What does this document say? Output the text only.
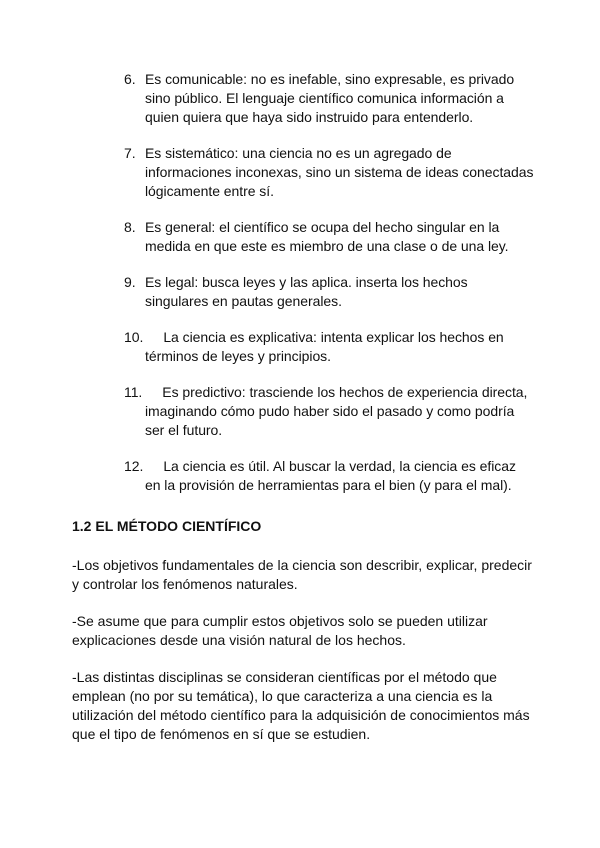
6. Es comunicable: no es inefable, sino expresable, es privado sino público. El lenguaje científico comunica información a quien quiera que haya sido instruido para entenderlo.
7. Es sistemático: una ciencia no es un agregado de informaciones inconexas, sino un sistema de ideas conectadas lógicamente entre sí.
8. Es general: el científico se ocupa del hecho singular en la medida en que este es miembro de una clase o de una ley.
9. Es legal: busca leyes y las aplica. inserta los hechos singulares en pautas generales.
10. La ciencia es explicativa: intenta explicar los hechos en términos de leyes y principios.
11. Es predictivo: trasciende los hechos de experiencia directa, imaginando cómo pudo haber sido el pasado y como podría ser el futuro.
12. La ciencia es útil. Al buscar la verdad, la ciencia es eficaz en la provisión de herramientas para el bien (y para el mal).
1.2 EL MÉTODO CIENTÍFICO

-Los objetivos fundamentales de la ciencia son describir, explicar, predecir y controlar los fenómenos naturales.

-Se asume que para cumplir estos objetivos solo se pueden utilizar explicaciones desde una visión natural de los hechos.

-Las distintas disciplinas se consideran científicas por el método que emplean (no por su temática), lo que caracteriza a una ciencia es la utilización del método científico para la adquisición de conocimientos más que el tipo de fenómenos en sí que se estudien.
